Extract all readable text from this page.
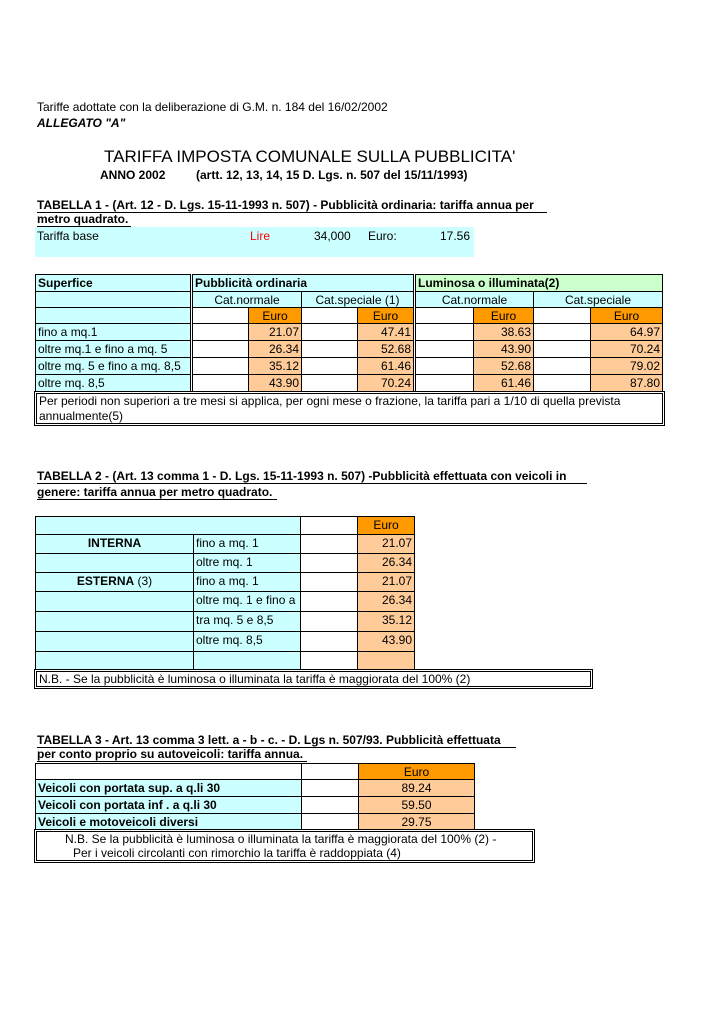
Tariffe adottate con la deliberazione di G.M. n. 184 del 16/02/2002
ALLEGATO "A"
TARIFFA IMPOSTA COMUNALE SULLA PUBBLICITA'
ANNO 2002	(artt. 12, 13, 14, 15 D. Lgs. n. 507 del 15/11/1993)
TABELLA 1 - (Art. 12 - D. Lgs. 15-11-1993 n. 507) - Pubblicità ordinaria: tariffa annua per
metro quadrato.
Tariffa base	Lire	34,000 Euro:	17.56
Superfice	Pubblicità ordinaria	Luminosa o illuminata(2)
Cat.normale	Cat.speciale (1)	Cat.normale	Cat.speciale
Euro	Euro	Euro	Euro
fino a mq.1	21.07	47.41	38.63	64.97
oltre mq.1 e fino a mq. 5	26.34	52.68	43.90	70.24
oltre mq. 5 e fino a mq. 8,5	35.12	61.46	52.68	79.02
oltre mq. 8,5	43.90	70.24	61.46	87.80
Per periodi non superiori a tre mesi si applica, per ogni mese o frazione, la tariffa pari a 1/10 di quella prevista
annualmente(5)
TABELLA 2 - (Art. 13 comma 1 - D. Lgs. 15-11-1993 n. 507) -Pubblicità effettuata con veicoli in
genere: tariffa annua per metro quadrato.
Euro
INTERNA	fino a mq. 1	21.07
oltre mq. 1	26.34
ESTERNA (3)	fino a mq. 1	21.07
oltre mq. 1 e fino a	26.34
tra mq. 5 e 8,5	35.12
oltre mq. 8,5	43.90
N.B. - Se la pubblicità è luminosa o illuminata la tariffa è maggiorata del 100% (2)
TABELLA 3 - Art. 13 comma 3 lett. a - b - c. - D. Lgs n. 507/93. Pubblicità effettuata
per conto proprio su autoveicoli: tariffa annua.
Euro
Veicoli con portata sup. a q.li 30	89.24
Veicoli con portata inf . a q.li 30	59.50
Veicoli e motoveicoli diversi	29.75
N.B. Se la pubblicità è luminosa o illuminata la tariffa è maggiorata del 100% (2) -
Per i veicoli circolanti con rimorchio la tariffa è raddoppiata (4)
